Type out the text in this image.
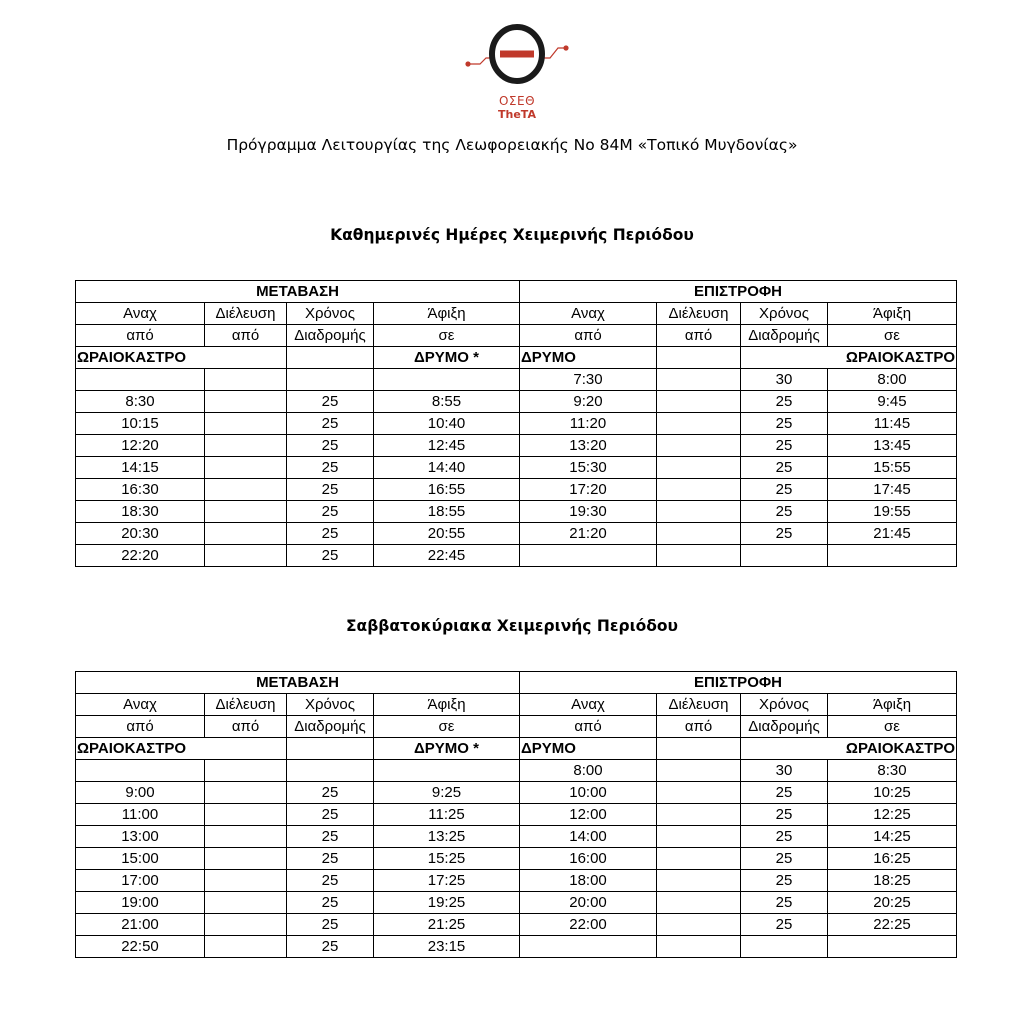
ΟΣΕΘ
TheTA
Πρόγραμμα Λειτουργίας της Λεωφορειακής Νο 84Μ «Τοπικό Μυγδονίας»
Καθημερινές Ημέρες Χειμερινής Περιόδου
ΜΕΤΑΒΑΣΗ				ΕΠΙΣΤΡΟΦΗ			
Αναχ	Διέλευση	Χρόνος	Άφιξη	Αναχ	Διέλευση	Χρόνος	Άφιξη
από	από	Διαδρομής	σε	από	από	Διαδρομής	σε
ΩΡΑΙΟΚΑΣΤΡΟ			ΔΡΥΜΟ *	ΔΡΥΜΟ		ΩΡΑΙΟΚΑΣΤΡΟ	
				7:30		30	8:00
8:30		25	8:55	9:20		25	9:45
10:15		25	10:40	11:20		25	11:45
12:20		25	12:45	13:20		25	13:45
14:15		25	14:40	15:30		25	15:55
16:30		25	16:55	17:20		25	17:45
18:30		25	18:55	19:30		25	19:55
20:30		25	20:55	21:20		25	21:45
22:20		25	22:45				
Σαββατοκύριακα Χειμερινής Περιόδου
ΜΕΤΑΒΑΣΗ				ΕΠΙΣΤΡΟΦΗ			
Αναχ	Διέλευση	Χρόνος	Άφιξη	Αναχ	Διέλευση	Χρόνος	Άφιξη
από	από	Διαδρομής	σε	από	από	Διαδρομής	σε
ΩΡΑΙΟΚΑΣΤΡΟ			ΔΡΥΜΟ *	ΔΡΥΜΟ		ΩΡΑΙΟΚΑΣΤΡΟ	
				8:00		30	8:30
9:00		25	9:25	10:00		25	10:25
11:00		25	11:25	12:00		25	12:25
13:00		25	13:25	14:00		25	14:25
15:00		25	15:25	16:00		25	16:25
17:00		25	17:25	18:00		25	18:25
19:00		25	19:25	20:00		25	20:25
21:00		25	21:25	22:00		25	22:25
22:50		25	23:15				
